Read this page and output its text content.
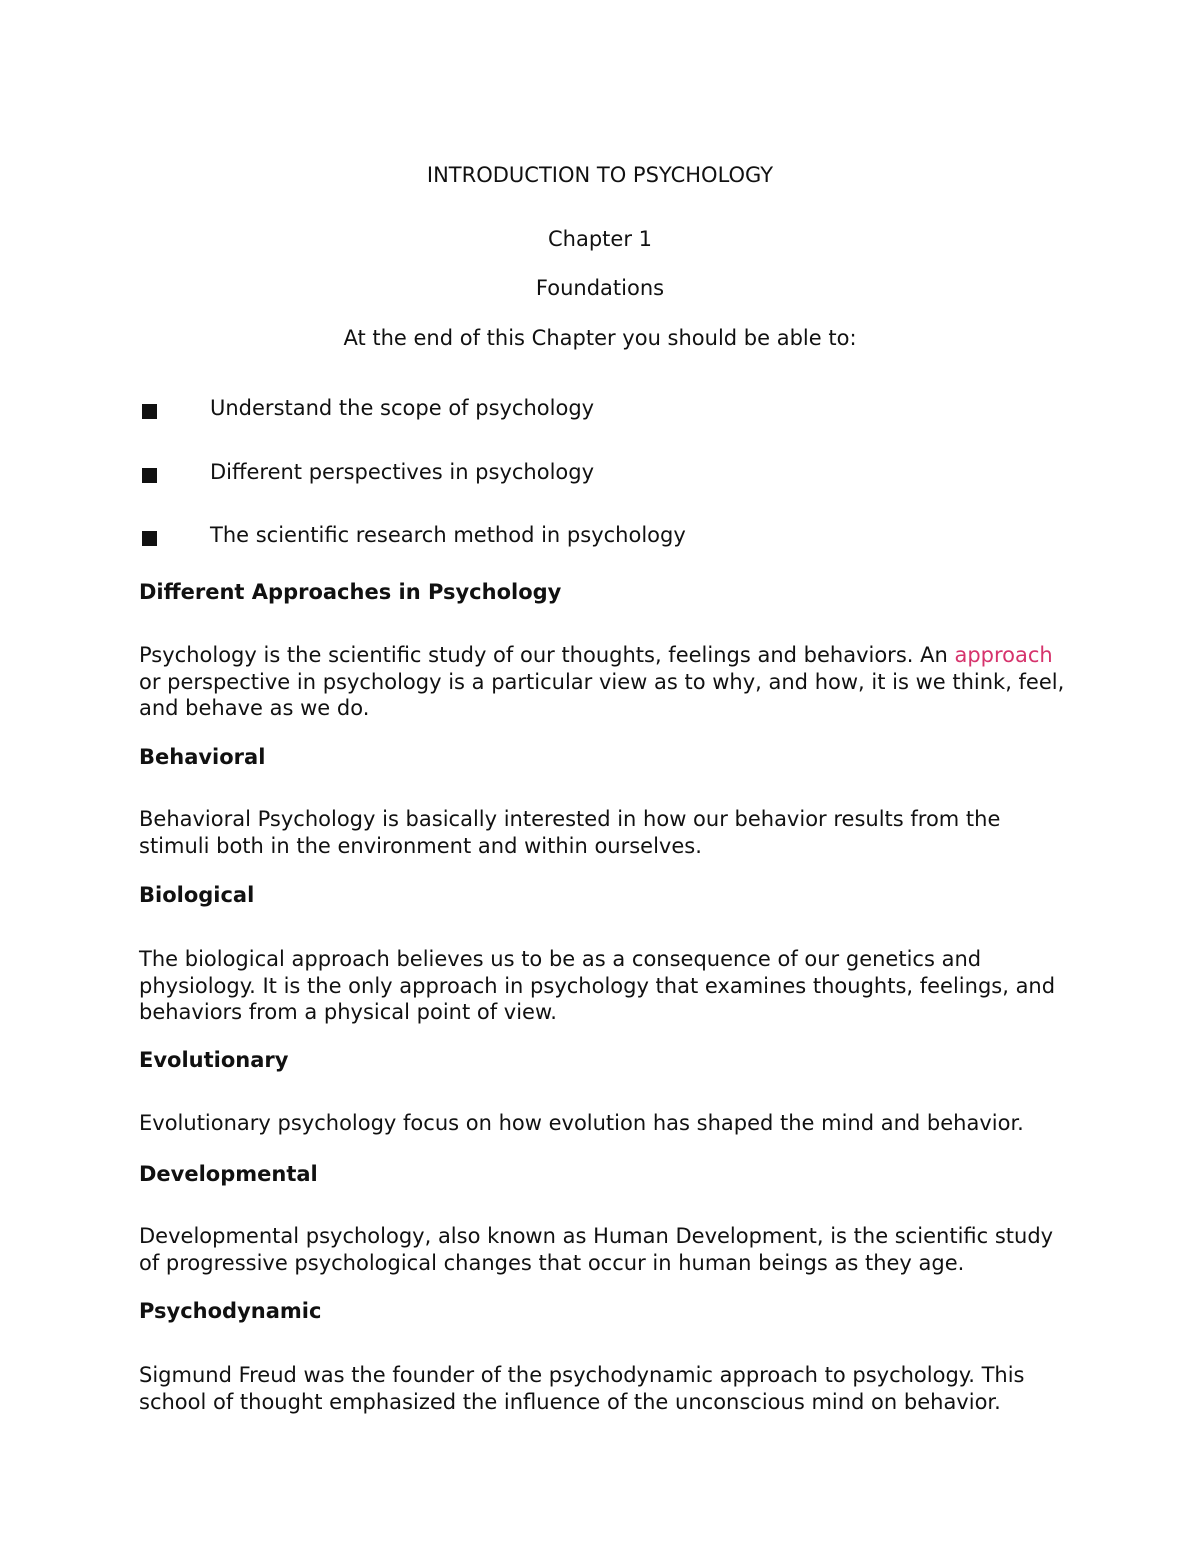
INTRODUCTION TO PSYCHOLOGY
Chapter 1
Foundations
At the end of this Chapter you should be able to:
Understand the scope of psychology
Different perspectives in psychology
The scientific research method in psychology
Different Approaches in Psychology
Psychology is the scientific study of our thoughts, feelings and behaviors. An approach or perspective in psychology is a particular view as to why, and how, it is we think, feel, and behave as we do.
Behavioral
Behavioral Psychology is basically interested in how our behavior results from the stimuli both in the environment and within ourselves.
Biological
The biological approach believes us to be as a consequence of our genetics and physiology. It is the only approach in psychology that examines thoughts, feelings, and behaviors from a physical point of view.
Evolutionary
Evolutionary psychology focus on how evolution has shaped the mind and behavior.
Developmental
Developmental psychology, also known as Human Development, is the scientific study of progressive psychological changes that occur in human beings as they age.
Psychodynamic
Sigmund Freud was the founder of the psychodynamic approach to psychology. This school of thought emphasized the influence of the unconscious mind on behavior.
